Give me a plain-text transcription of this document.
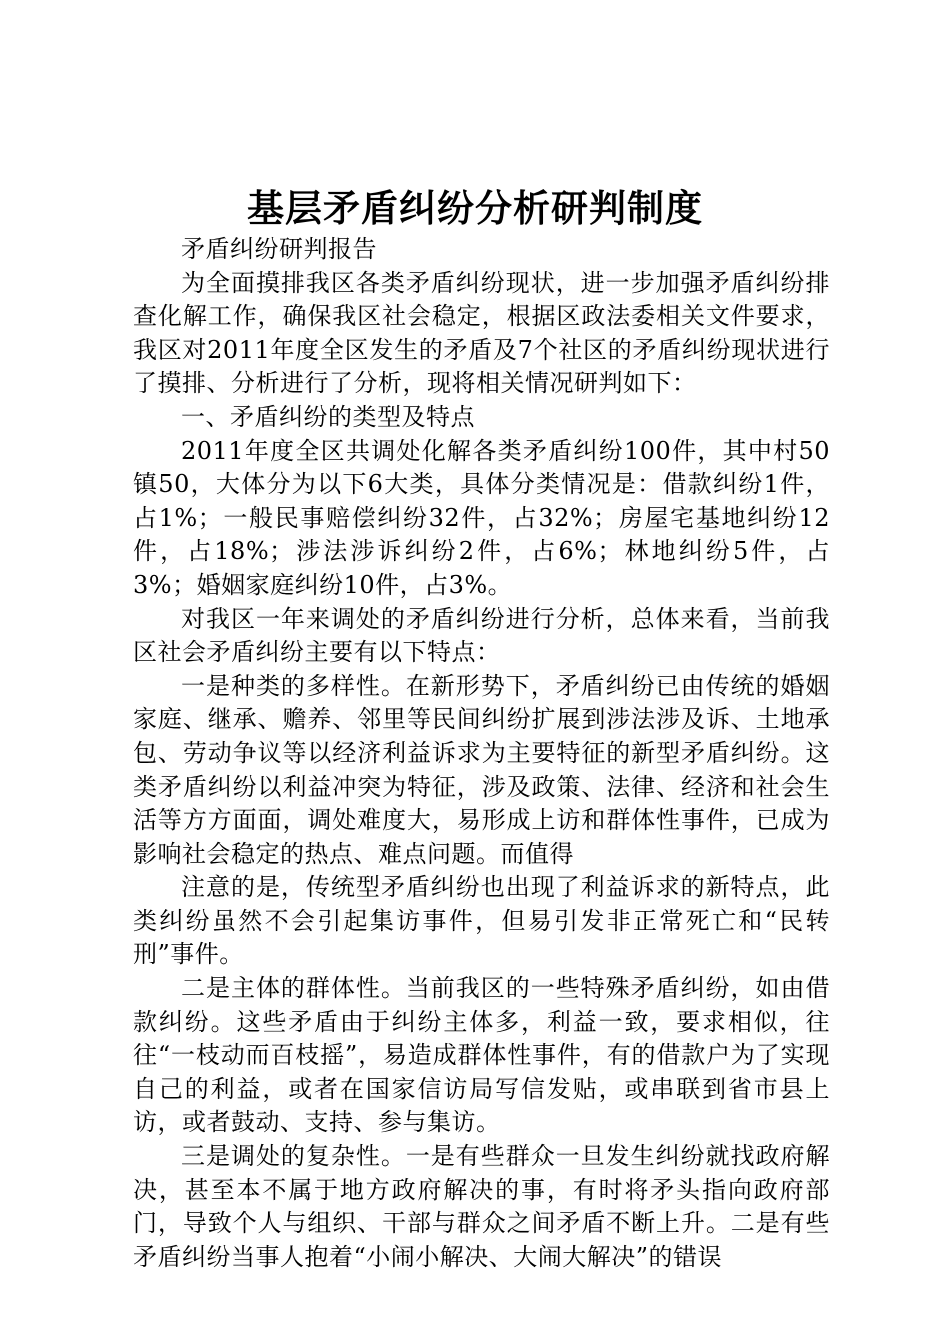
基层矛盾纠纷分析研判制度

矛盾纠纷研判报告

为全面摸排我区各类矛盾纠纷现状，进一步加强矛盾纠纷排查化解工作，确保我区社会稳定，根据区政法委相关文件要求，我区对2011年度全区发生的矛盾及7个社区的矛盾纠纷现状进行了摸排、分析进行了分析，现将相关情况研判如下：

一、矛盾纠纷的类型及特点

2011年度全区共调处化解各类矛盾纠纷100件，其中村50镇50，大体分为以下6大类，具体分类情况是：借款纠纷1件，占1%；一般民事赔偿纠纷32件，占32%；房屋宅基地纠纷12件，占18%；涉法涉诉纠纷2件，占6%；林地纠纷5件，占3%；婚姻家庭纠纷10件，占3%。

对我区一年来调处的矛盾纠纷进行分析，总体来看，当前我区社会矛盾纠纷主要有以下特点：

一是种类的多样性。在新形势下，矛盾纠纷已由传统的婚姻家庭、继承、赡养、邻里等民间纠纷扩展到涉法涉及诉、土地承包、劳动争议等以经济利益诉求为主要特征的新型矛盾纠纷。这类矛盾纠纷以利益冲突为特征，涉及政策、法律、经济和社会生活等方方面面，调处难度大，易形成上访和群体性事件，已成为影响社会稳定的热点、难点问题。而值得

注意的是，传统型矛盾纠纷也出现了利益诉求的新特点，此类纠纷虽然不会引起集访事件，但易引发非正常死亡和“民转刑”事件。

二是主体的群体性。当前我区的一些特殊矛盾纠纷，如由借款纠纷。这些矛盾由于纠纷主体多，利益一致，要求相似，往往“一枝动而百枝摇”，易造成群体性事件，有的借款户为了实现自己的利益，或者在国家信访局写信发贴，或串联到省市县上访，或者鼓动、支持、参与集访。

三是调处的复杂性。一是有些群众一旦发生纠纷就找政府解决，甚至本不属于地方政府解决的事，有时将矛头指向政府部门，导致个人与组织、干部与群众之间矛盾不断上升。二是有些矛盾纠纷当事人抱着“小闹小解决、大闹大解决”的错误
